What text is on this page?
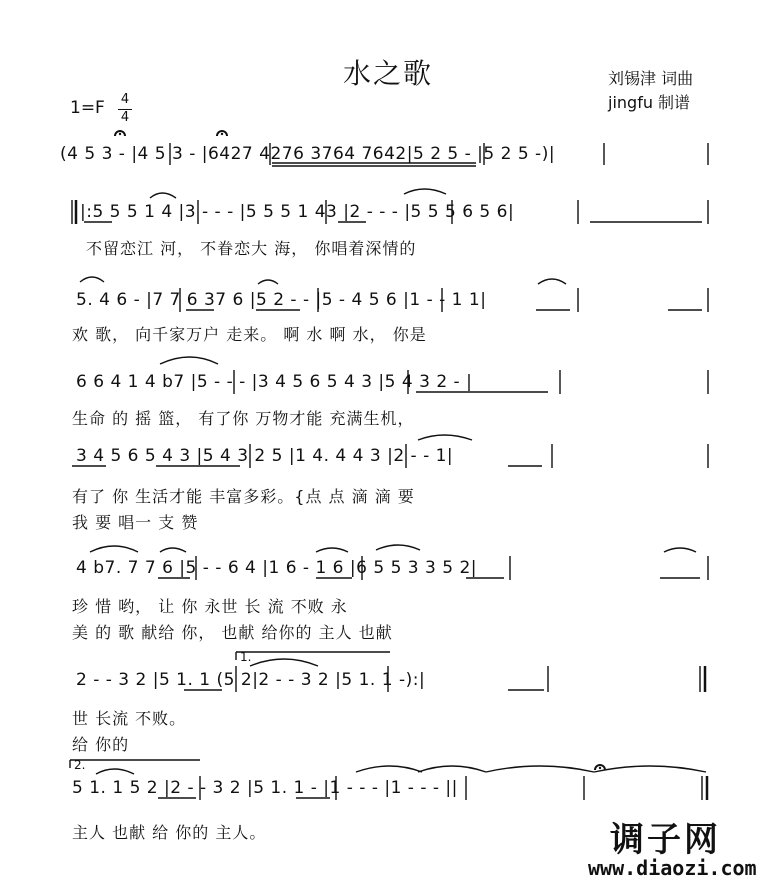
水之歌	刘锡津 词曲
jingfu 制谱
1=F 4
4
(4 5 3 - |4 5 3 - |6427 4276 3764 7642|5 2 5 - |5 2 5 -)|
|:5 5 5 1 4 |3 - - - |5 5 5 1 43 |2 - - - |5 5 5 6 5 6|
不留恋江 河， 不眷恋大 海， 你唱着深情的
5. 4 6 - |7 7 6 37 6 |5 2 - - |5 - 4 5 6 |1 - - 1 1|
欢 歌， 向千家万户 走来。 啊 水 啊 水， 你是
6 6 4 1 4 b7 |5 - - - |3 4 5 6 5 4 3 |5 4 3 2 - |
生命 的 摇 篮， 有了你 万物才能 充满生机，
3 4 5 6 5 4 3 |5 4 3 2 5 |1 4. 4 4 3 |2 - - 1|
有了 你 生活才能 丰富多彩。{点 点 滴 滴 要
我 要 唱一 支 赞
4 b7. 7 7 6 |5 - - 6 4 |1 6 - 1 6 |6 5 5 3 3 5 2|
珍 惜 哟， 让 你 永世 长 流 不败 永
美 的 歌 献给 你， 也献 给你的 主人 也献
1.
2 - - 3 2 |5 1. 1 (5 2|2 - - 3 2 |5 1. 1 -):|
世 长流 不败。
给 你的
2.
5 1. 1 5 2 |2 - - 3 2 |5 1. 1 - |1 - - - |1 - - - ||
主人 也献 给 你的 主人。	调子网
www.diaozi.com
